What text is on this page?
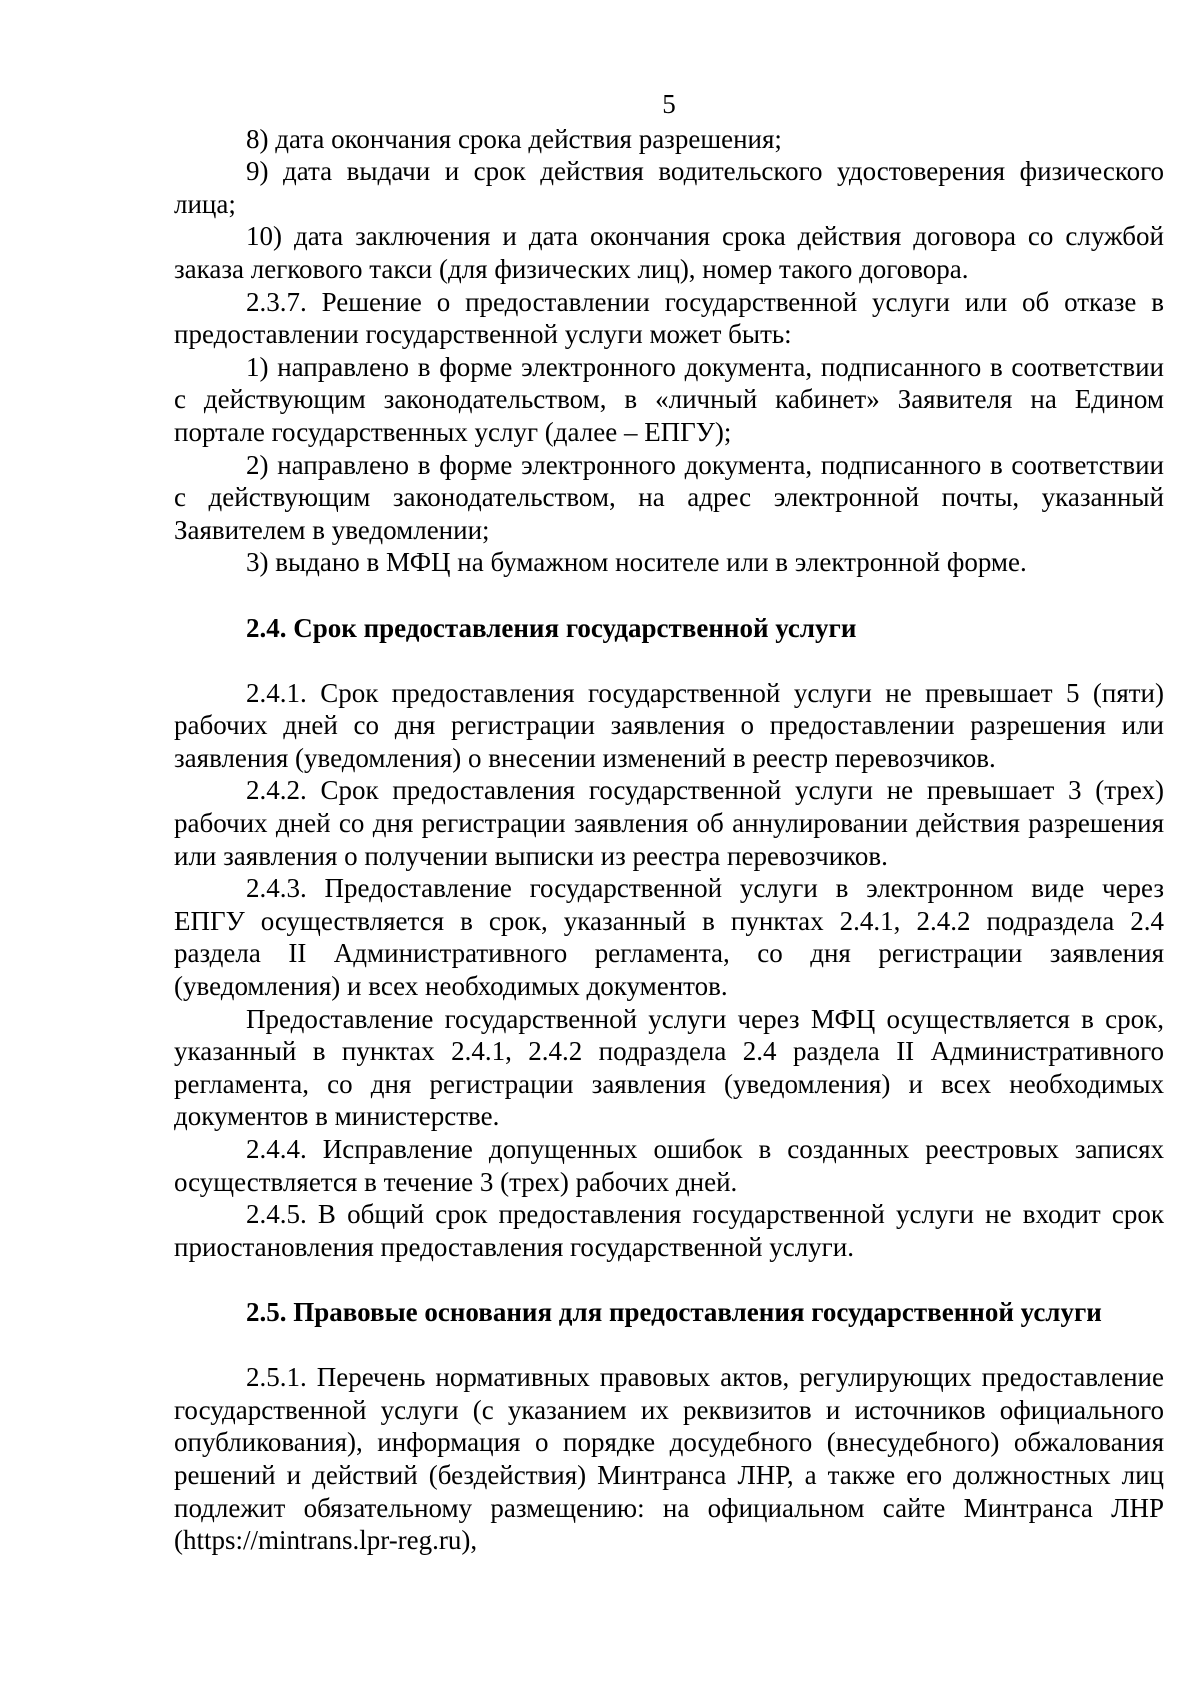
5

8) дата окончания срока действия разрешения;

9) дата выдачи и срок действия водительского удостоверения физического лица;

10) дата заключения и дата окончания срока действия договора со службой заказа легкового такси (для физических лиц), номер такого договора.

2.3.7. Решение о предоставлении государственной услуги или об отказе в предоставлении государственной услуги может быть:

1) направлено в форме электронного документа, подписанного в соответствии с действующим законодательством, в «личный кабинет» Заявителя на Едином портале государственных услуг (далее – ЕПГУ);

2) направлено в форме электронного документа, подписанного в соответствии с действующим законодательством, на адрес электронной почты, указанный Заявителем в уведомлении;

3) выдано в МФЦ на бумажном носителе или в электронной форме.

2.4. Срок предоставления государственной услуги

2.4.1. Срок предоставления государственной услуги не превышает 5 (пяти) рабочих дней со дня регистрации заявления о предоставлении разрешения или заявления (уведомления) о внесении изменений в реестр перевозчиков.

2.4.2. Срок предоставления государственной услуги не превышает 3 (трех) рабочих дней со дня регистрации заявления об аннулировании действия разрешения или заявления о получении выписки из реестра перевозчиков.

2.4.3. Предоставление государственной услуги в электронном виде через ЕПГУ осуществляется в срок, указанный в пунктах 2.4.1, 2.4.2 подраздела 2.4 раздела II Административного регламента, со дня регистрации заявления (уведомления) и всех необходимых документов.

Предоставление государственной услуги через МФЦ осуществляется в срок, указанный в пунктах 2.4.1, 2.4.2 подраздела 2.4 раздела II Административного регламента, со дня регистрации заявления (уведомления) и всех необходимых документов в министерстве.

2.4.4. Исправление допущенных ошибок в созданных реестровых записях осуществляется в течение 3 (трех) рабочих дней.

2.4.5. В общий срок предоставления государственной услуги не входит срок приостановления предоставления государственной услуги.

2.5. Правовые основания для предоставления государственной услуги

2.5.1. Перечень нормативных правовых актов, регулирующих предоставление государственной услуги (с указанием их реквизитов и источников официального опубликования), информация о порядке досудебного (внесудебного) обжалования решений и действий (бездействия) Минтранса ЛНР, а также его должностных лиц подлежит обязательному размещению: на официальном сайте Минтранса ЛНР (https://mintrans.lpr-reg.ru),
